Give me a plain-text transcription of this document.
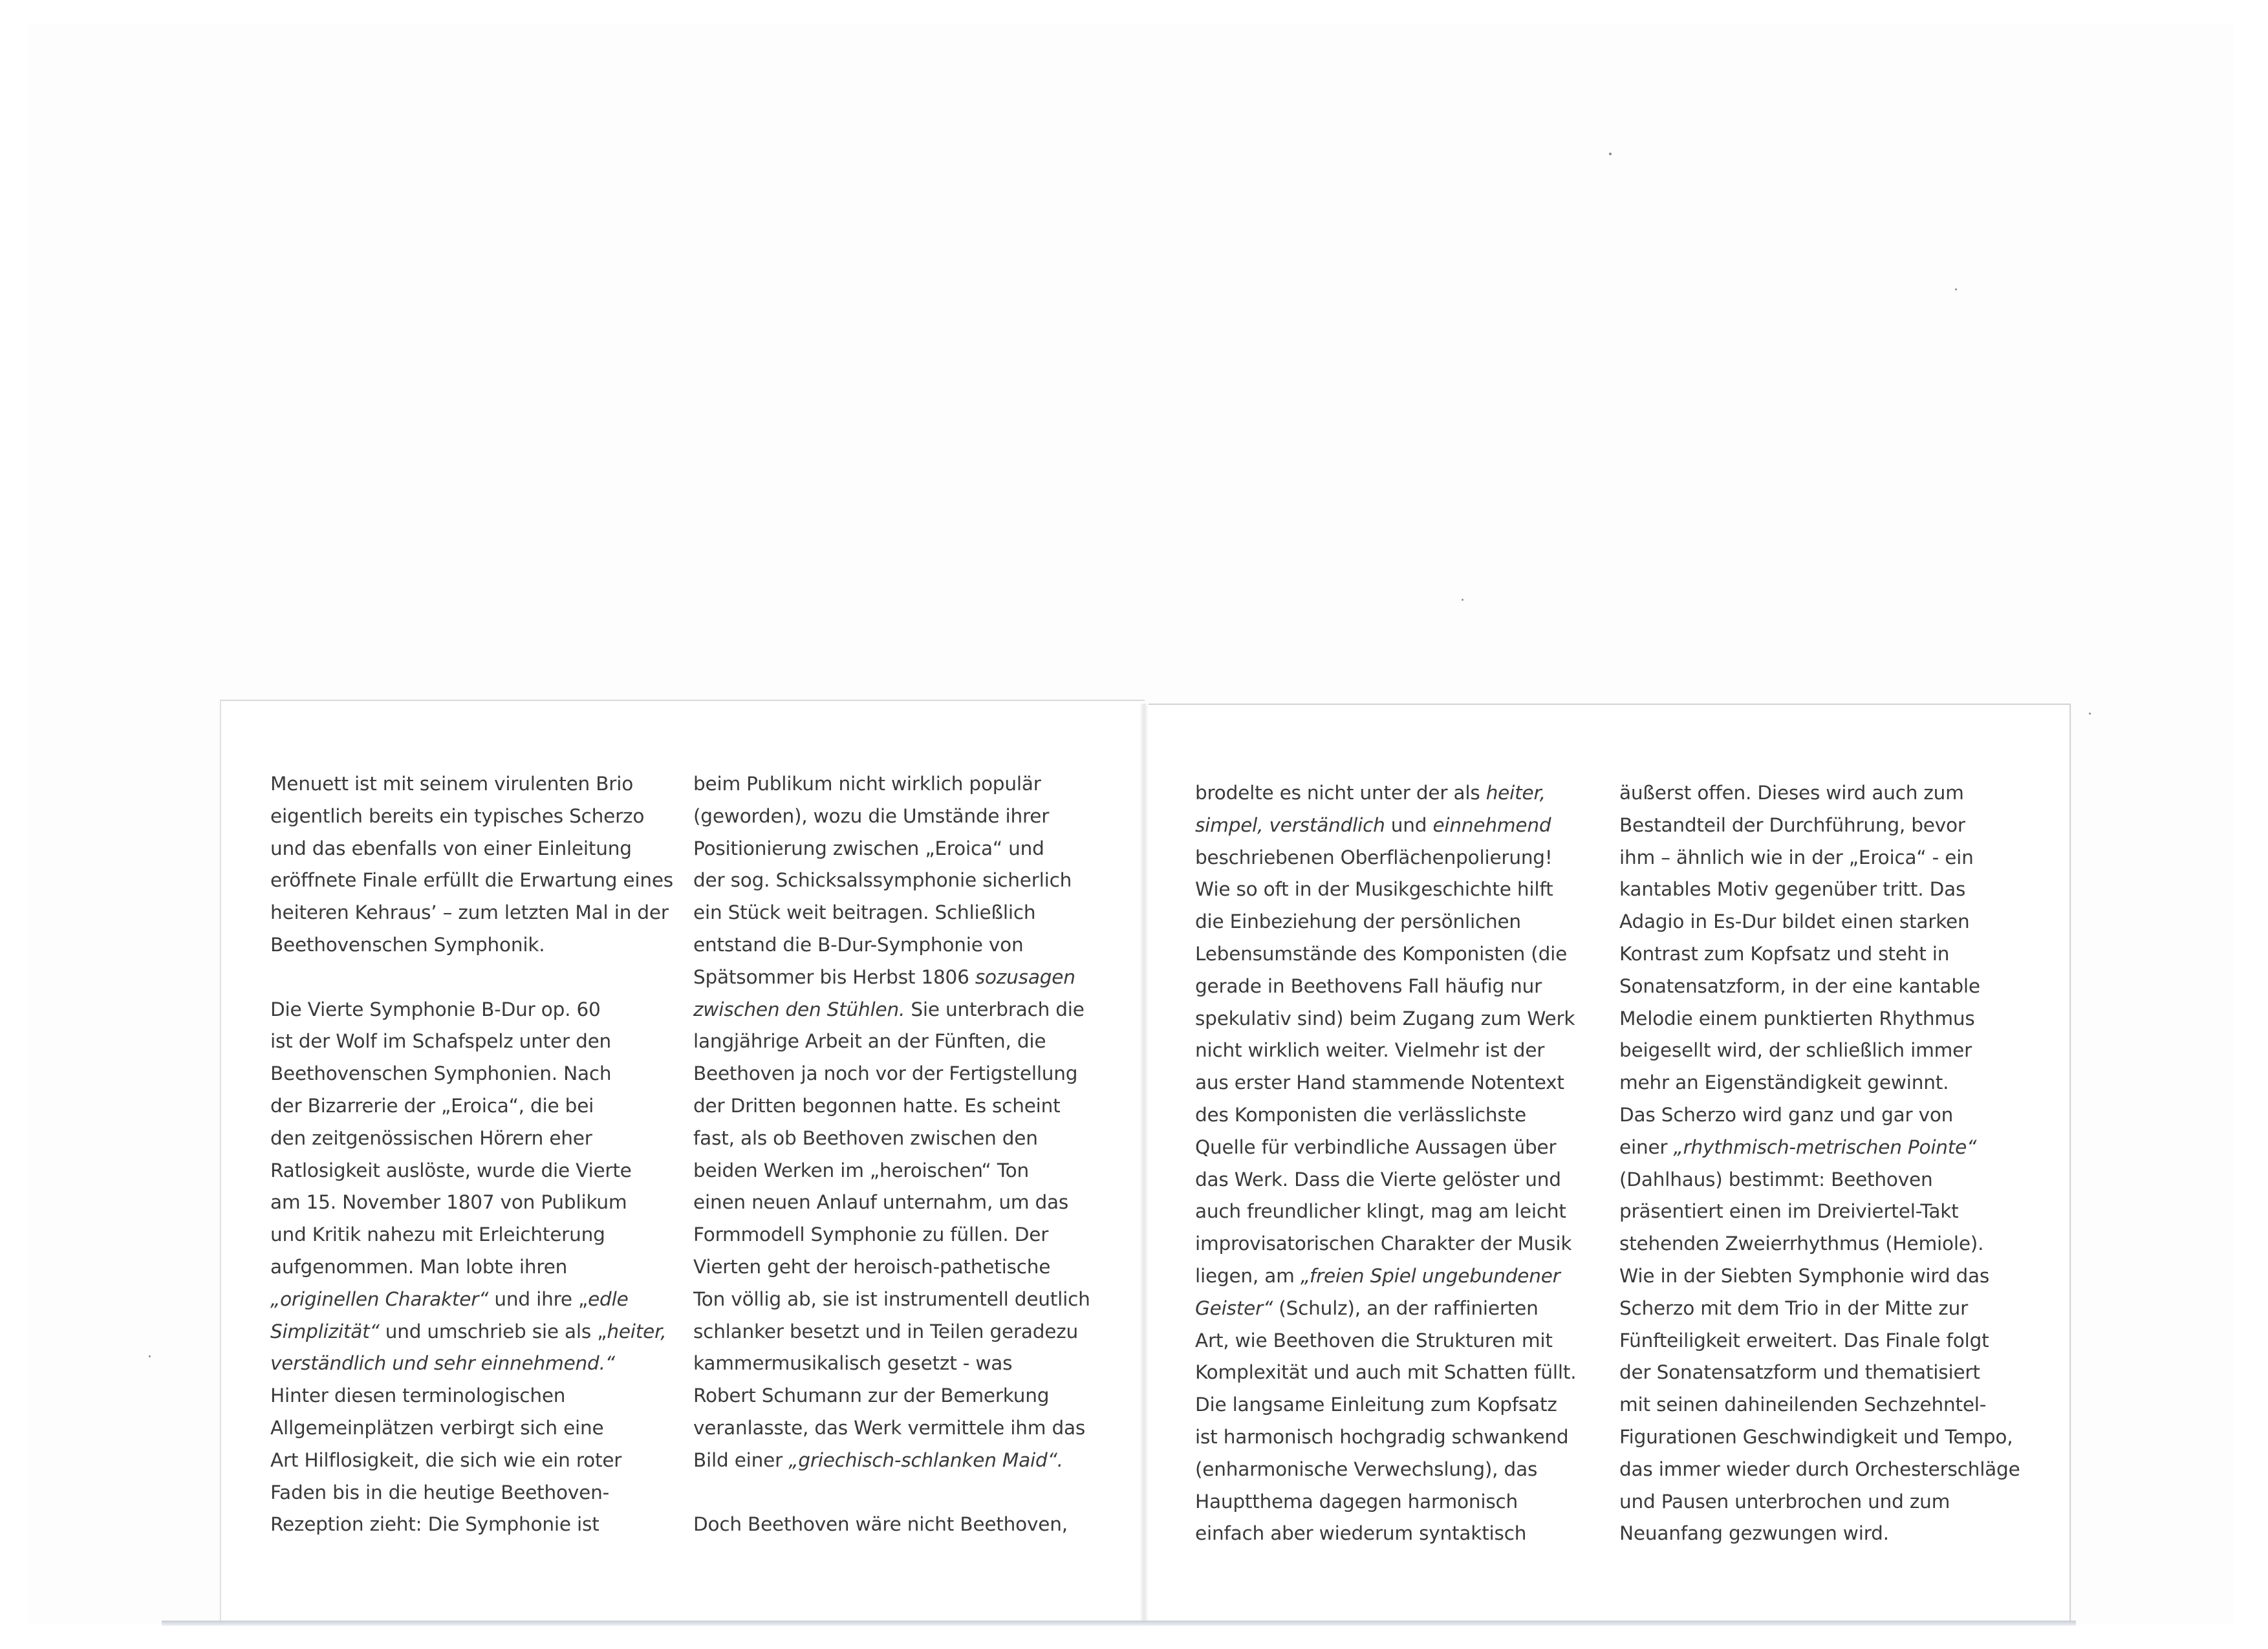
Menuett ist mit seinem virulenten Brio
eigentlich bereits ein typisches Scherzo
und das ebenfalls von einer Einleitung
eröffnete Finale erfüllt die Erwartung eines
heiteren Kehraus’ – zum letzten Mal in der
Beethovenschen Symphonik.
Die Vierte Symphonie B-Dur op. 60
ist der Wolf im Schafspelz unter den
Beethovenschen Symphonien. Nach
der Bizarrerie der „Eroica“, die bei
den zeitgenössischen Hörern eher
Ratlosigkeit auslöste, wurde die Vierte
am 15. November 1807 von Publikum
und Kritik nahezu mit Erleichterung
aufgenommen. Man lobte ihren
„originellen Charakter“ und ihre „edle
Simplizität“ und umschrieb sie als „heiter,
verständlich und sehr einnehmend.“
Hinter diesen terminologischen
Allgemeinplätzen verbirgt sich eine
Art Hilflosigkeit, die sich wie ein roter
Faden bis in die heutige Beethoven-
Rezeption zieht: Die Symphonie ist
beim Publikum nicht wirklich populär
(geworden), wozu die Umstände ihrer
Positionierung zwischen „Eroica“ und
der sog. Schicksalssymphonie sicherlich
ein Stück weit beitragen. Schließlich
entstand die B-Dur-Symphonie von
Spätsommer bis Herbst 1806 sozusagen
zwischen den Stühlen. Sie unterbrach die
langjährige Arbeit an der Fünften, die
Beethoven ja noch vor der Fertigstellung
der Dritten begonnen hatte. Es scheint
fast, als ob Beethoven zwischen den
beiden Werken im „heroischen“ Ton
einen neuen Anlauf unternahm, um das
Formmodell Symphonie zu füllen. Der
Vierten geht der heroisch-pathetische
Ton völlig ab, sie ist instrumentell deutlich
schlanker besetzt und in Teilen geradezu
kammermusikalisch gesetzt - was
Robert Schumann zur der Bemerkung
veranlasste, das Werk vermittele ihm das
Bild einer „griechisch-schlanken Maid“.
Doch Beethoven wäre nicht Beethoven,
brodelte es nicht unter der als heiter,
simpel, verständlich und einnehmend
beschriebenen Oberflächenpolierung!
Wie so oft in der Musikgeschichte hilft
die Einbeziehung der persönlichen
Lebensumstände des Komponisten (die
gerade in Beethovens Fall häufig nur
spekulativ sind) beim Zugang zum Werk
nicht wirklich weiter. Vielmehr ist der
aus erster Hand stammende Notentext
des Komponisten die verlässlichste
Quelle für verbindliche Aussagen über
das Werk. Dass die Vierte gelöster und
auch freundlicher klingt, mag am leicht
improvisatorischen Charakter der Musik
liegen, am „freien Spiel ungebundener
Geister“ (Schulz), an der raffinierten
Art, wie Beethoven die Strukturen mit
Komplexität und auch mit Schatten füllt.
Die langsame Einleitung zum Kopfsatz
ist harmonisch hochgradig schwankend
(enharmonische Verwechslung), das
Hauptthema dagegen harmonisch
einfach aber wiederum syntaktisch
äußerst offen. Dieses wird auch zum
Bestandteil der Durchführung, bevor
ihm – ähnlich wie in der „Eroica“ - ein
kantables Motiv gegenüber tritt. Das
Adagio in Es-Dur bildet einen starken
Kontrast zum Kopfsatz und steht in
Sonatensatzform, in der eine kantable
Melodie einem punktierten Rhythmus
beigesellt wird, der schließlich immer
mehr an Eigenständigkeit gewinnt.
Das Scherzo wird ganz und gar von
einer „rhythmisch-metrischen Pointe“
(Dahlhaus) bestimmt: Beethoven
präsentiert einen im Dreiviertel-Takt
stehenden Zweierrhythmus (Hemiole).
Wie in der Siebten Symphonie wird das
Scherzo mit dem Trio in der Mitte zur
Fünfteiligkeit erweitert. Das Finale folgt
der Sonatensatzform und thematisiert
mit seinen dahineilenden Sechzehntel-
Figurationen Geschwindigkeit und Tempo,
das immer wieder durch Orchesterschläge
und Pausen unterbrochen und zum
Neuanfang gezwungen wird.
